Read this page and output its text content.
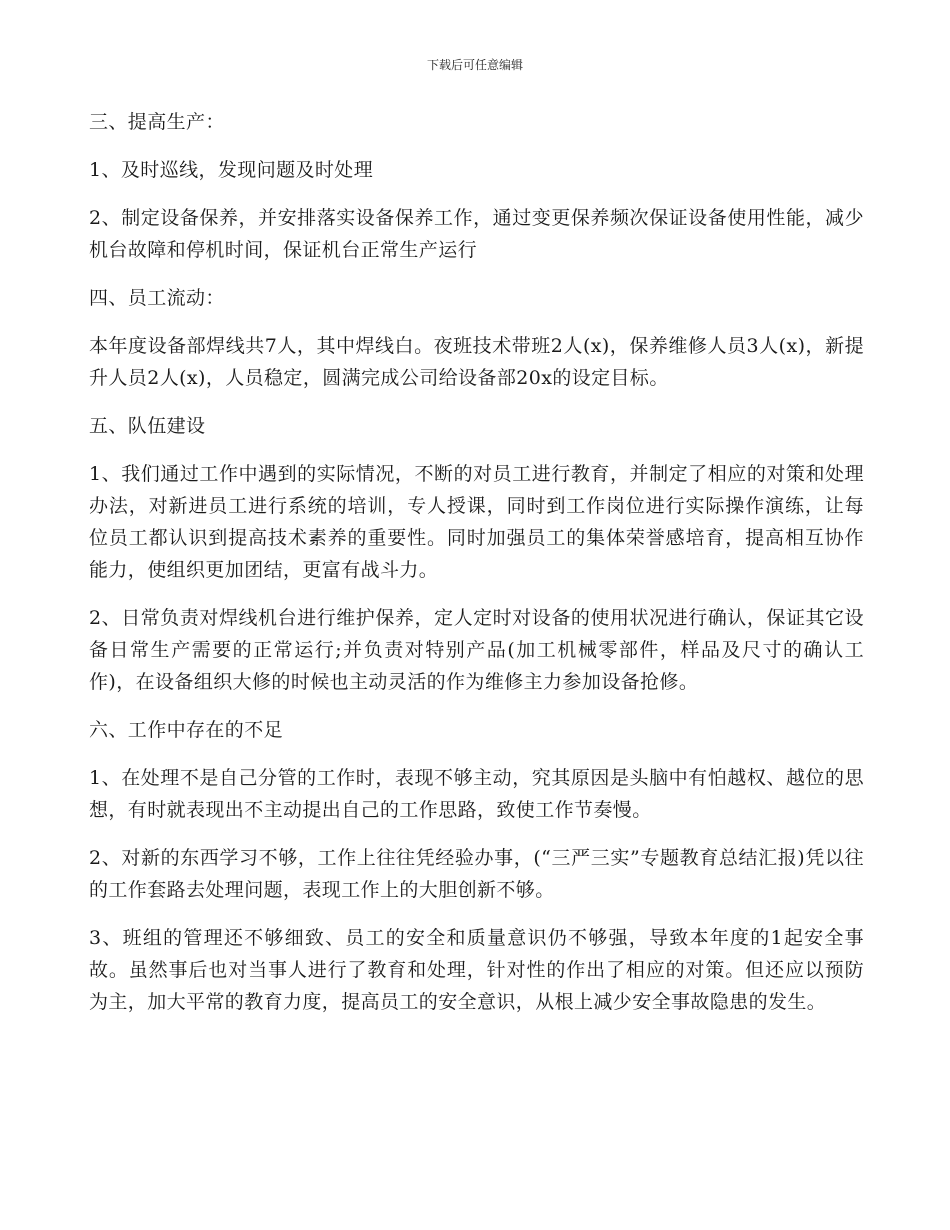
下载后可任意编辑
三、提高生产：
1、及时巡线，发现问题及时处理
2、制定设备保养，并安排落实设备保养工作，通过变更保养频次保证设备使用性能，减少机台故障和停机时间，保证机台正常生产运行
四、员工流动：
本年度设备部焊线共7人，其中焊线白。夜班技术带班2人(x)，保养维修人员3人(x)，新提升人员2人(x)，人员稳定，圆满完成公司给设备部20x的设定目标。
五、队伍建设
1、我们通过工作中遇到的实际情况，不断的对员工进行教育，并制定了相应的对策和处理办法，对新进员工进行系统的培训，专人授课，同时到工作岗位进行实际操作演练，让每位员工都认识到提高技术素养的重要性。同时加强员工的集体荣誉感培育，提高相互协作能力，使组织更加团结，更富有战斗力。
2、日常负责对焊线机台进行维护保养，定人定时对设备的使用状况进行确认，保证其它设备日常生产需要的正常运行;并负责对特别产品(加工机械零部件，样品及尺寸的确认工作)，在设备组织大修的时候也主动灵活的作为维修主力参加设备抢修。
六、工作中存在的不足
1、在处理不是自己分管的工作时，表现不够主动，究其原因是头脑中有怕越权、越位的思想，有时就表现出不主动提出自己的工作思路，致使工作节奏慢。
2、对新的东西学习不够，工作上往往凭经验办事，(“三严三实”专题教育总结汇报)凭以往的工作套路去处理问题，表现工作上的大胆创新不够。
3、班组的管理还不够细致、员工的安全和质量意识仍不够强，导致本年度的1起安全事故。虽然事后也对当事人进行了教育和处理，针对性的作出了相应的对策。但还应以预防为主，加大平常的教育力度，提高员工的安全意识，从根上减少安全事故隐患的发生。
